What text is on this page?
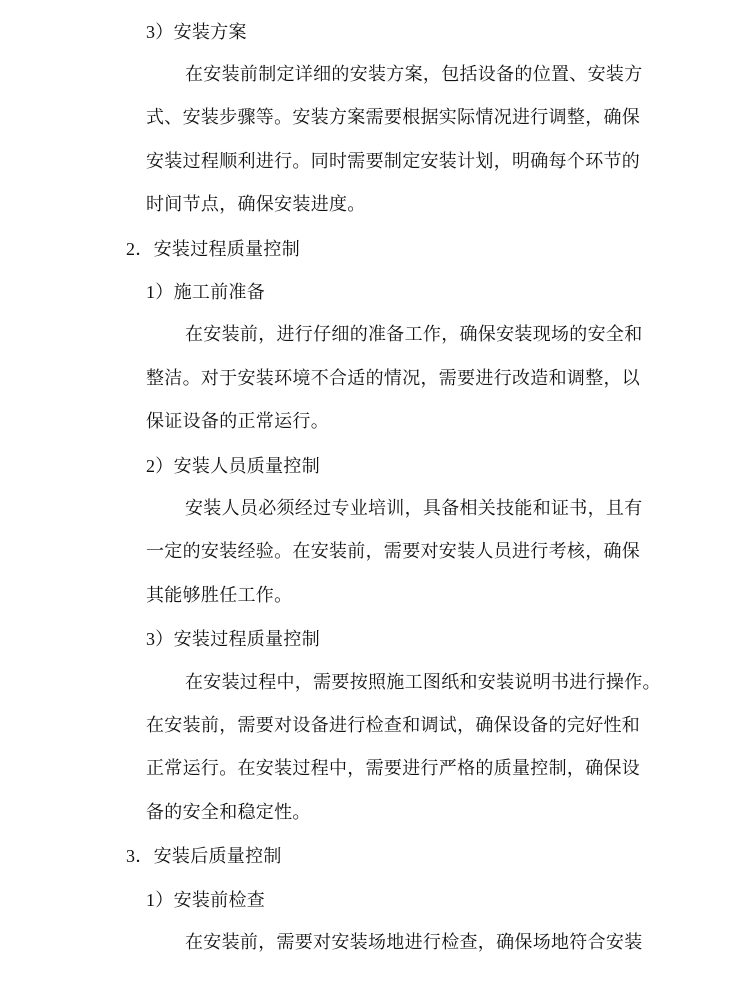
3）安装方案
在安装前制定详细的安装方案，包括设备的位置、安装方
式、安装步骤等。安装方案需要根据实际情况进行调整，确保
安装过程顺利进行。同时需要制定安装计划，明确每个环节的
时间节点，确保安装进度。
2．安装过程质量控制
1）施工前准备
在安装前，进行仔细的准备工作，确保安装现场的安全和
整洁。对于安装环境不合适的情况，需要进行改造和调整，以
保证设备的正常运行。
2）安装人员质量控制
安装人员必须经过专业培训，具备相关技能和证书，且有
一定的安装经验。在安装前，需要对安装人员进行考核，确保
其能够胜任工作。
3）安装过程质量控制
在安装过程中，需要按照施工图纸和安装说明书进行操作。
在安装前，需要对设备进行检查和调试，确保设备的完好性和
正常运行。在安装过程中，需要进行严格的质量控制，确保设
备的安全和稳定性。
3．安装后质量控制
1）安装前检查
在安装前，需要对安装场地进行检查，确保场地符合安装
